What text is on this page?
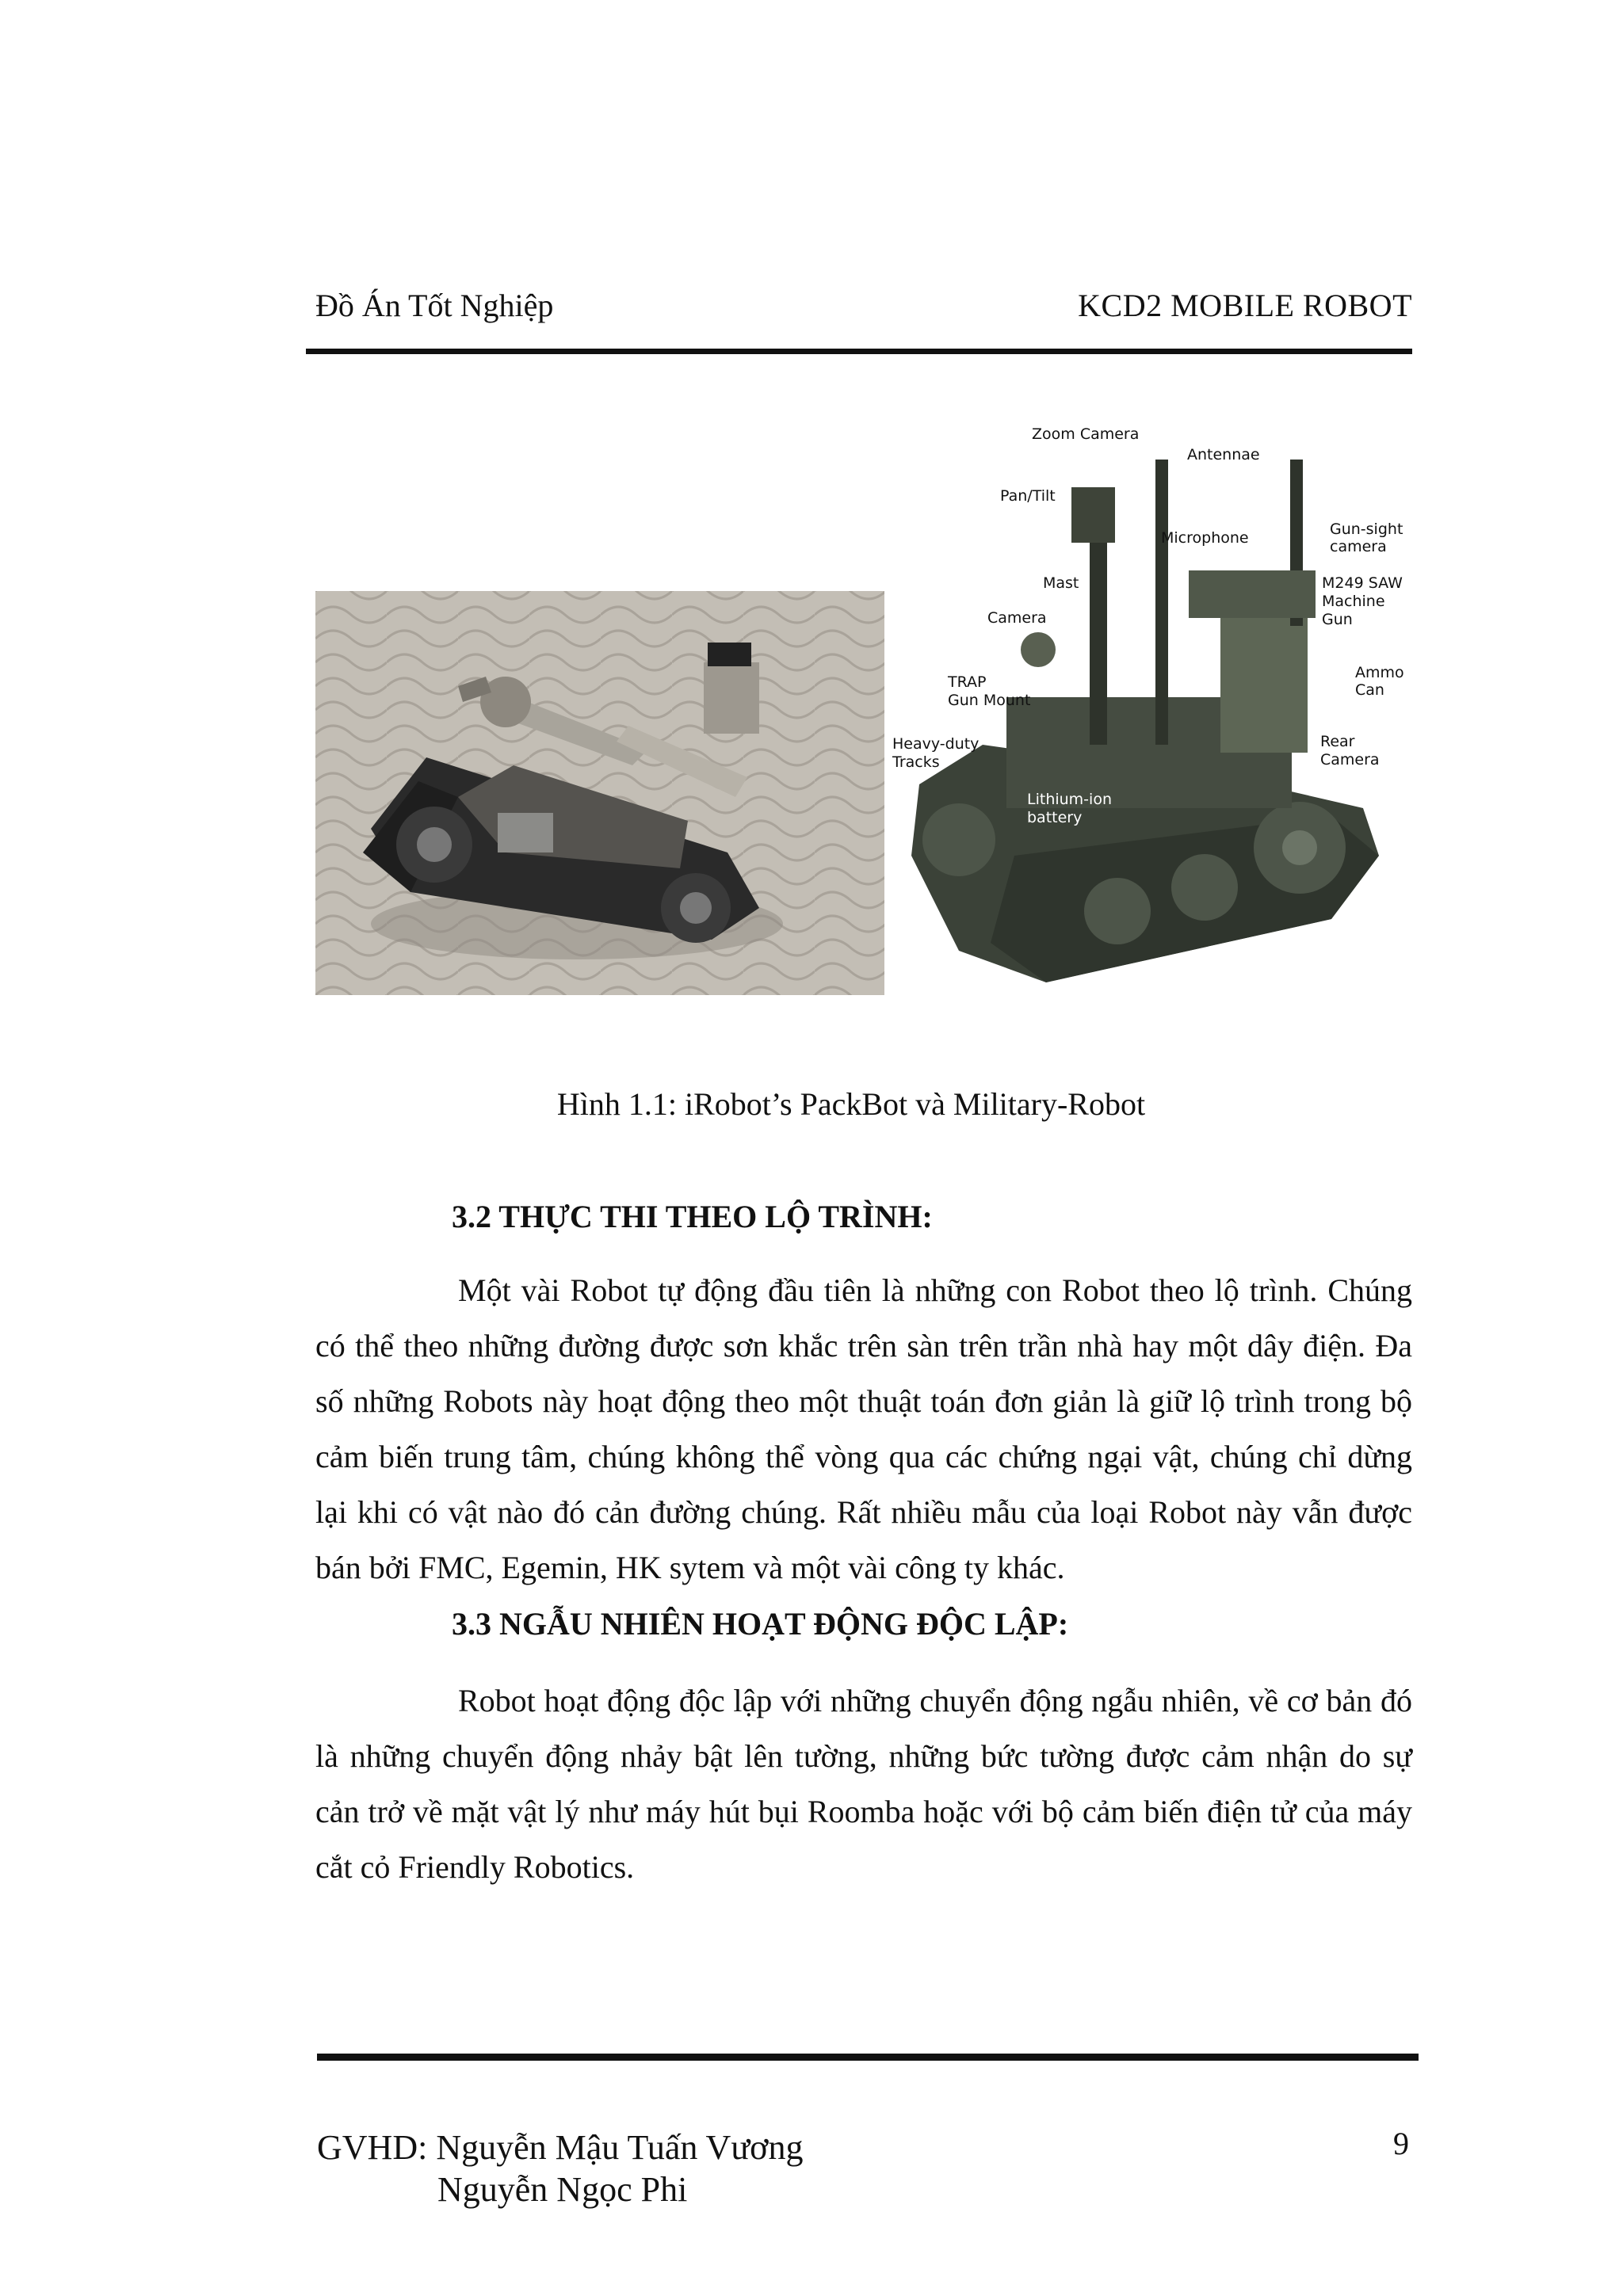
Đồ Án Tốt Nghiệp	KCD2 MOBILE ROBOT
Zoom Camera
Antennae
Pan/Tilt
Microphone	Gun-sight
camera
Mast	M249 SAW
Machine
Gun
Camera
TRAP
Gun Mount
Ammo
Can
Heavy-duty
Tracks
Rear
Camera
Lithium-ion
battery
Hình 1.1: iRobot’s PackBot và Military-Robot
3.2 THỰC THI THEO LỘ TRÌNH:
Một vài Robot tự động đầu tiên là những con Robot theo lộ trình. Chúng
có thể theo những đường được sơn khắc trên sàn trên trần nhà hay một dây điện. Đa
số những Robots này hoạt động theo một thuật toán đơn giản là giữ lộ trình trong bộ
cảm biến trung tâm, chúng không thể vòng qua các chứng ngại vật, chúng chỉ dừng
lại khi có vật nào đó cản đường chúng. Rất nhiều mẫu của loại Robot này vẫn được
bán bởi FMC, Egemin, HK sytem và một vài công ty khác.
3.3 NGẪU NHIÊN HOẠT ĐỘNG ĐỘC LẬP:
Robot hoạt động độc lập với những chuyển động ngẫu nhiên, về cơ bản đó
là những chuyển động nhảy bật lên tường, những bức tường được cảm nhận do sự
cản trở về mặt vật lý như máy hút bụi Roomba hoặc với bộ cảm biến điện tử của máy
cắt cỏ Friendly Robotics.
GVHD: Nguyễn Mậu Tuấn Vương
Nguyễn Ngọc Phi
9
